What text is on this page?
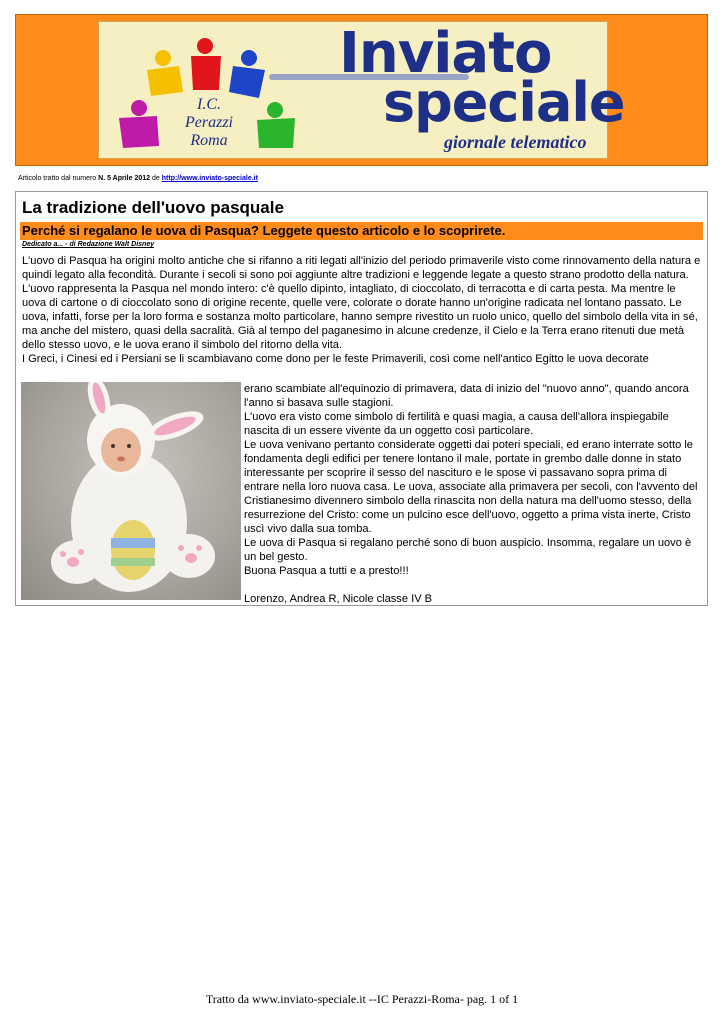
I.C.
Perazzi
Roma
Inviato
speciale
giornale telematico
Articolo tratto dal numero N. 5 Aprile 2012 de http://www.inviato-speciale.it
La tradizione dell'uovo pasquale
Perché si regalano le uova di Pasqua? Leggete questo articolo e lo scoprirete.
Dedicato a... - di Redazione Walt Disney

L'uovo di Pasqua ha origini molto antiche che si rifanno a riti legati all'inizio del periodo primaverile visto come rinnovamento della natura e quindi legato alla fecondità. Durante i secoli si sono poi aggiunte altre tradizioni e leggende legate a questo strano prodotto della natura.

L'uovo rappresenta la Pasqua nel mondo intero: c'è quello dipinto, intagliato, di cioccolato, di terracotta e di carta pesta. Ma mentre le uova di cartone o di cioccolato sono di origine recente, quelle vere, colorate o dorate hanno un'origine radicata nel lontano passato. Le uova, infatti, forse per la loro forma e sostanza molto particolare, hanno sempre rivestito un ruolo unico, quello del simbolo della vita in sé, ma anche del mistero, quasi della sacralità. Già al tempo del paganesimo in alcune credenze, il Cielo e la Terra erano ritenuti due metà dello stesso uovo, e le uova erano il simbolo del ritorno della vita.

I Greci, i Cinesi ed i Persiani se li scambiavano come dono per le feste Primaverili, così come nell'antico Egitto le uova decorate

erano scambiate all'equinozio di primavera, data di inizio del "nuovo anno", quando ancora l'anno si basava sulle stagioni.

L'uovo era visto come simbolo di fertilità e quasi magia, a causa dell'allora inspiegabile nascita di un essere vivente da un oggetto così particolare.

Le uova venivano pertanto considerate oggetti dai poteri speciali, ed erano interrate sotto le fondamenta degli edifici per tenere lontano il male, portate in grembo dalle donne in stato interessante per scoprire il sesso del nascituro e le spose vi passavano sopra prima di entrare nella loro nuova casa. Le uova, associate alla primavera per secoli, con l'avvento del Cristianesimo divennero simbolo della rinascita non della natura ma dell'uomo stesso, della resurrezione del Cristo: come un pulcino esce dell'uovo, oggetto a prima vista inerte, Cristo uscì vivo dalla sua tomba.

Le uova di Pasqua si regalano perché sono di buon auspicio. Insomma, regalare un uovo è un bel gesto.

Buona Pasqua a tutti e a presto!!!

Lorenzo, Andrea R, Nicole classe IV B

Tratto da www.inviato-speciale.it --IC Perazzi-Roma- pag. 1 of 1
